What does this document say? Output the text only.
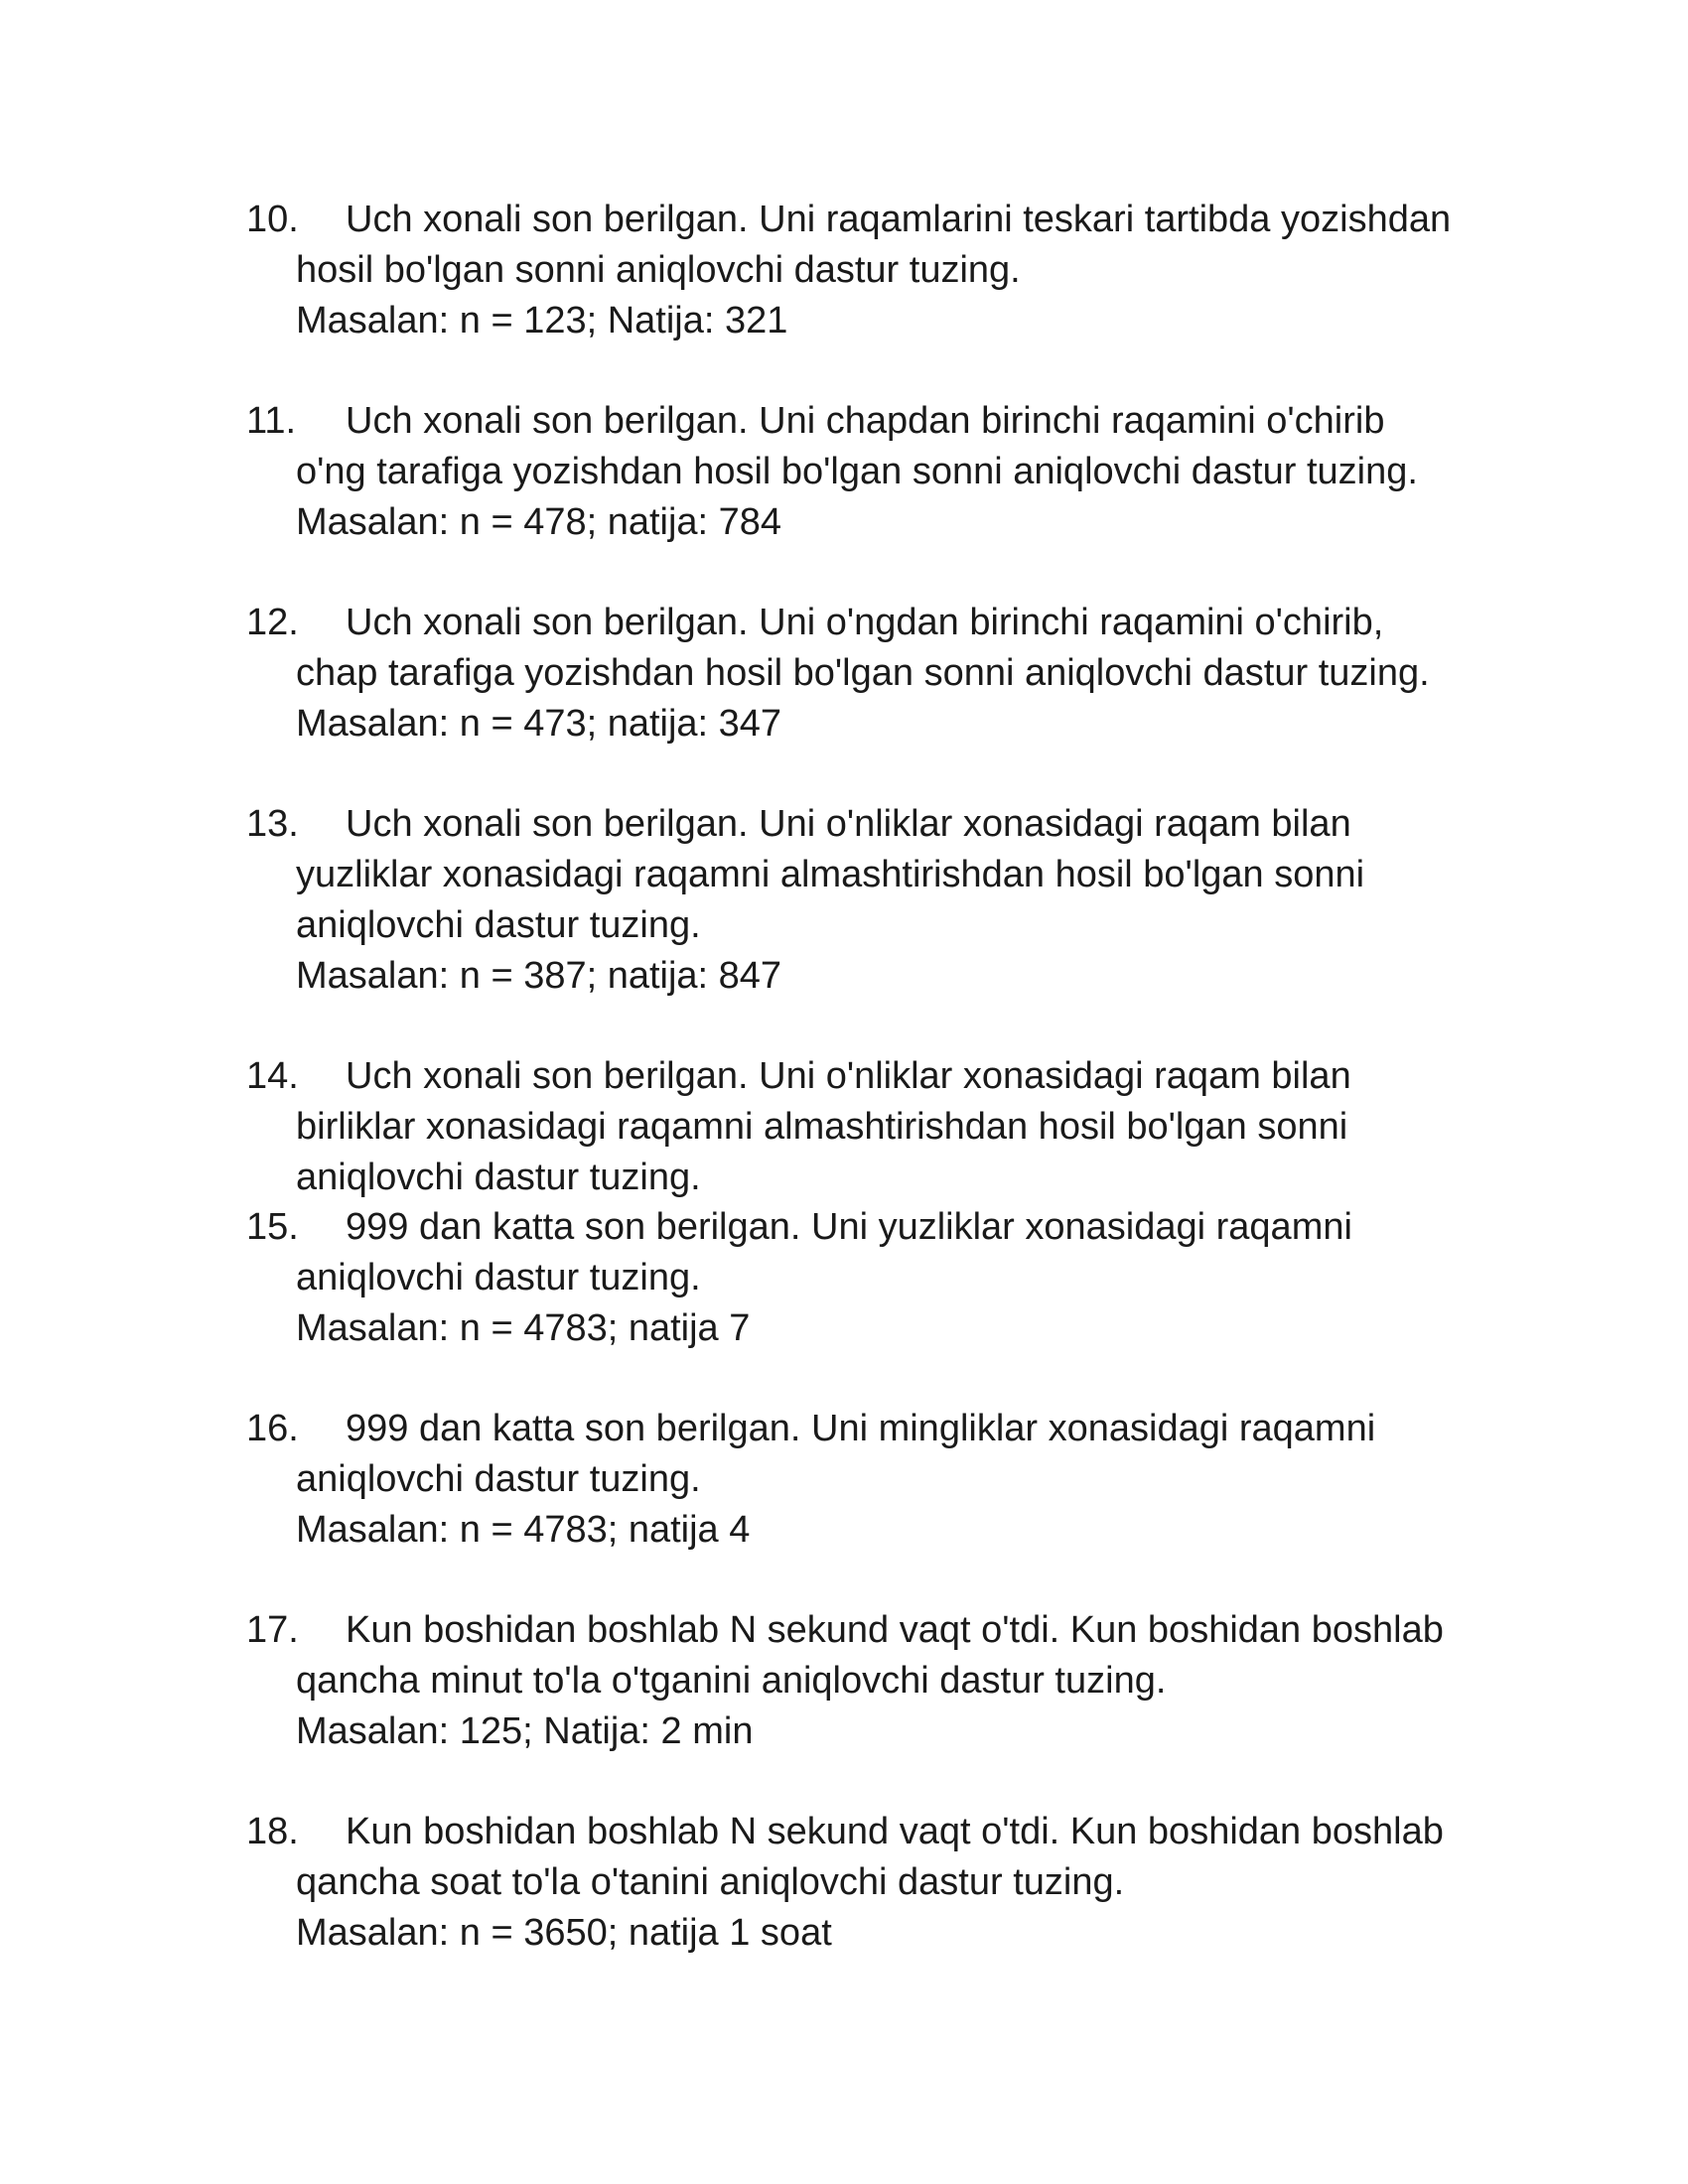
10.	Uch xonali son berilgan. Uni raqamlarini teskari tartibda yozishdan
hosil bo'lgan sonni aniqlovchi dastur tuzing.
Masalan: n = 123; Natija: 321
11.	Uch xonali son berilgan. Uni chapdan birinchi raqamini o'chirib
o'ng tarafiga yozishdan hosil bo'lgan sonni aniqlovchi dastur tuzing.
Masalan: n = 478; natija: 784
12.	Uch xonali son berilgan. Uni o'ngdan birinchi raqamini o'chirib,
chap tarafiga yozishdan hosil bo'lgan sonni aniqlovchi dastur tuzing.
Masalan: n = 473; natija: 347
13.	Uch xonali son berilgan. Uni o'nliklar xonasidagi raqam bilan
yuzliklar xonasidagi raqamni almashtirishdan hosil bo'lgan sonni
aniqlovchi dastur tuzing.
Masalan: n = 387; natija: 847
14.	Uch xonali son berilgan. Uni o'nliklar xonasidagi raqam bilan
birliklar xonasidagi raqamni almashtirishdan hosil bo'lgan sonni
aniqlovchi dastur tuzing.
15.	999 dan katta son berilgan. Uni yuzliklar xonasidagi raqamni
aniqlovchi dastur tuzing.
Masalan: n = 4783; natija 7
16.	999 dan katta son berilgan. Uni mingliklar xonasidagi raqamni
aniqlovchi dastur tuzing.
Masalan: n = 4783; natija 4
17.	Kun boshidan boshlab N sekund vaqt o'tdi. Kun boshidan boshlab
qancha minut to'la o'tganini aniqlovchi dastur tuzing.
Masalan: 125; Natija: 2 min
18.	Kun boshidan boshlab N sekund vaqt o'tdi. Kun boshidan boshlab
qancha soat to'la o'tanini aniqlovchi dastur tuzing.
Masalan: n = 3650; natija 1 soat
